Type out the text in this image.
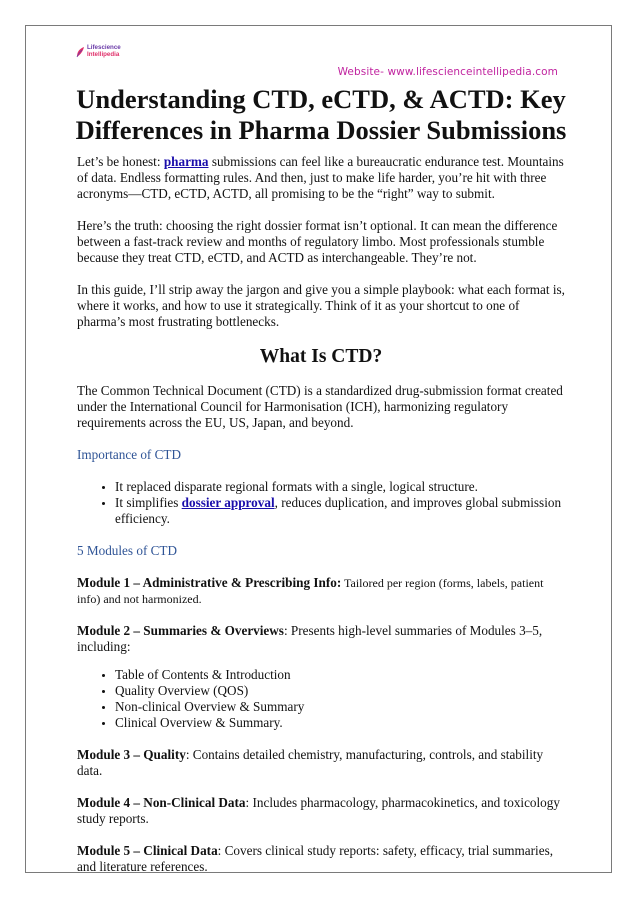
Lifescience
Intellipedia
Website- www.lifescienceintellipedia.com
Understanding CTD, eCTD, & ACTD: Key Differences in Pharma Dossier Submissions

Let’s be honest: pharma submissions can feel like a bureaucratic endurance test. Mountains of data. Endless formatting rules. And then, just to make life harder, you’re hit with three acronyms—CTD, eCTD, ACTD, all promising to be the “right” way to submit.

Here’s the truth: choosing the right dossier format isn’t optional. It can mean the difference between a fast-track review and months of regulatory limbo. Most professionals stumble because they treat CTD, eCTD, and ACTD as interchangeable. They’re not.

In this guide, I’ll strip away the jargon and give you a simple playbook: what each format is, where it works, and how to use it strategically. Think of it as your shortcut to one of pharma’s most frustrating bottlenecks.

What Is CTD?

The Common Technical Document (CTD) is a standardized drug-submission format created under the International Council for Harmonisation (ICH), harmonizing regulatory requirements across the EU, US, Japan, and beyond.

Importance of CTD
• It replaced disparate regional formats with a single, logical structure.
• It simplifies dossier approval, reduces duplication, and improves global submission efficiency.
5 Modules of CTD

Module 1 – Administrative & Prescribing Info: Tailored per region (forms, labels, patient info) and not harmonized.

Module 2 – Summaries & Overviews: Presents high-level summaries of Modules 3–5, including:

• Table of Contents & Introduction
• Quality Overview (QOS)
• Non-clinical Overview & Summary
• Clinical Overview & Summary.

Module 3 – Quality: Contains detailed chemistry, manufacturing, controls, and stability data.

Module 4 – Non-Clinical Data: Includes pharmacology, pharmacokinetics, and toxicology study reports.

Module 5 – Clinical Data: Covers clinical study reports: safety, efficacy, trial summaries, and literature references.
